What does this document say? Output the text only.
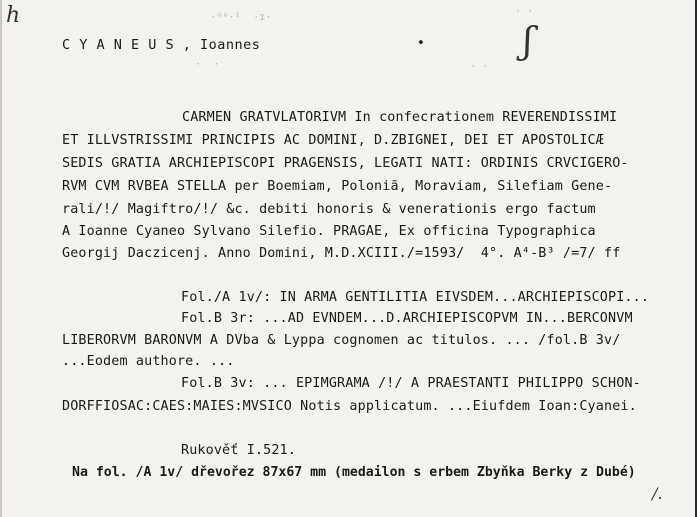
h	·ᵈᵃ·ᴵ  ·ɪ·
· ·
C Y A N E U S , Ioannes	•	ʃ
·  ·	· ·
CARMEN GRATVLATORIVM In confecrationem REVERENDISSIMI
ET ILLVSTRISSIMI PRINCIPIS AC DOMINI, D.ZBIGNEI, DEI ET APOSTOLICÆ
SEDIS GRATIA ARCHIEPISCOPI PRAGENSIS, LEGATI NATI: ORDINIS CRVCIGERO-
RVM CVM RVBEA STELLA per Boemiam, Poloniã, Moraviam, Silefiam Gene-
rali/!/ Magiftro/!/ &c. debiti honoris & venerationis ergo factum
A Ioanne Cyaneo Sylvano Silefio. PRAGAE, Ex officina Typographica
Georgij Daczicenj. Anno Domini, M.D.XCIII./=1593/  4°. A⁴-B³ /=7/ ff
Fol./A 1v/: IN ARMA GENTILITIA EIVSDEM...ARCHIEPISCOPI...
Fol.B 3r: ...AD EVNDEM...D.ARCHIEPISCOPVM IN...BERCONVM
LIBERORVM BARONVM A DVba & Lyppa cognomen ac titulos. ... /fol.B 3v/
...Eodem authore. ...
Fol.B 3v: ... EPIMGRAMA /!/ A PRAESTANTI PHILIPPO SCHON-
DORFFIOSAC:CAES:MAIES:MVSICO Notis applicatum. ...Eiufdem Ioan:Cyanei.
Rukověť I.521.
Na fol. /A 1v/ dřevořez 87x67 mm (medailon s erbem Zbyňka Berky z Dubé)
/.
